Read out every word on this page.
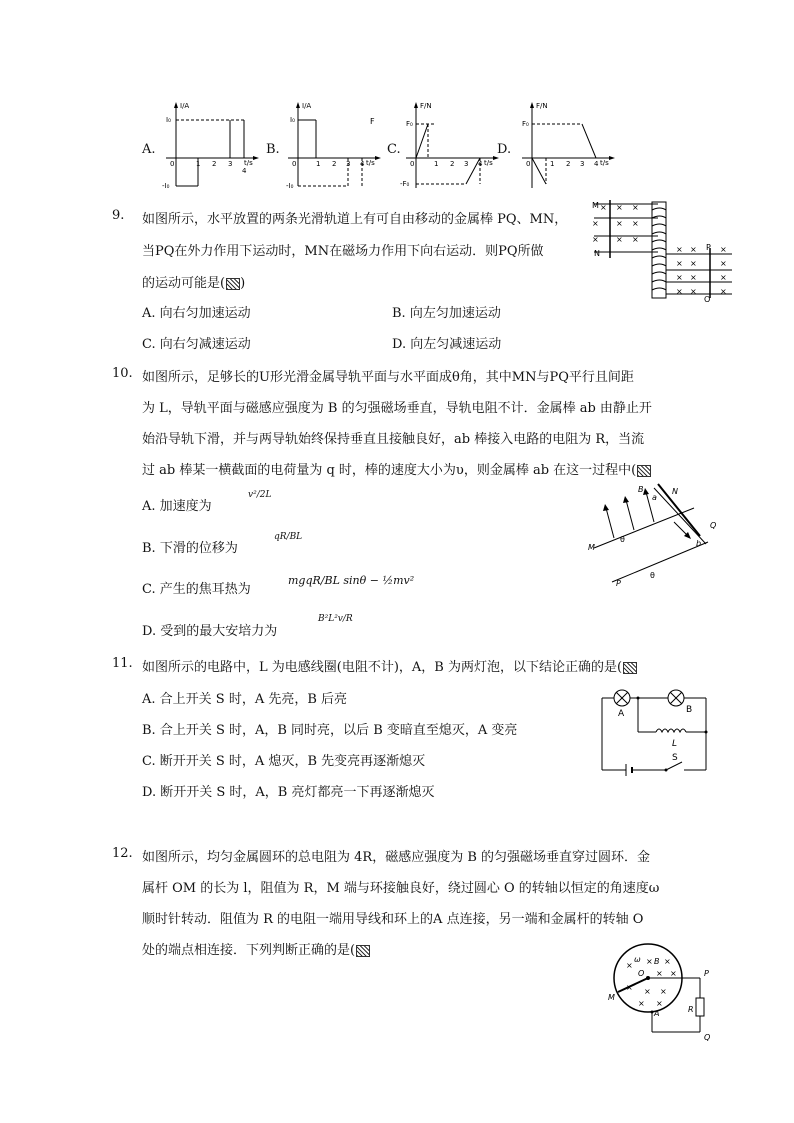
A.	B.	C.	D.
I/A
t/s
I₀
-I₀
0	1 2 3
4
I/A
t/s
I₀
-I₀
F
0	1 2 3 4
F/N
t/s
F₀
-F₀
0	1 2 3 4
F/N
t/s
F₀
0	1 2 3 4
9. 如图所示，水平放置的两条光滑轨道上有可自由移动的金属棒 PQ、MN，
当PQ在外力作用下运动时，MN在磁场力作用下向右运动．则PQ所做
的运动可能是( )
A. 向右匀加速运动	B. 向左匀加速运动
C. 向右匀减速运动	D. 向左匀减速运动
M
N
× × ×
× × ×
× × ×
P
Q
× ×	×
× ×	×
× ×	×
× ×	×
10. 如图所示，足够长的U形光滑金属导轨平面与水平面成θ角，其中MN与PQ平行且间距
为 L，导轨平面与磁感应强度为 B 的匀强磁场垂直，导轨电阻不计．金属棒 ab 由静止开
始沿导轨下滑，并与两导轨始终保持垂直且接触良好，ab 棒接入电路的电阻为 R，当流
过 ab 棒某一横截面的电荷量为 q 时，棒的速度大小为υ，则金属棒 ab 在这一过程中(
A. 加速度为
v²/2L
B. 下滑的位移为
qR/BL
C. 产生的焦耳热为
mgqR/BL sinθ − ½mv²
D. 受到的最大安培力为
B²L²v/R
B
a
N
Q
M	b
P
θ
θ
11. 如图所示的电路中，L 为电感线圈(电阻不计)，A，B 为两灯泡，以下结论正确的是(
A. 合上开关 S 时，A 先亮，B 后亮
B. 合上开关 S 时，A，B 同时亮，以后 B 变暗直至熄灭，A 变亮
C. 断开开关 S 时，A 熄灭，B 先变亮再逐渐熄灭
D. 断开开关 S 时，A，B 亮灯都亮一下再逐渐熄灭
A	B
L
S
12. 如图所示，均匀金属圆环的总电阻为 4R，磁感应强度为 B 的匀强磁场垂直穿过圆环．金
属杆 OM 的长为 l，阻值为 R，M 端与环接触良好，绕过圆心 O 的转轴以恒定的角速度ω
顺时针转动．阻值为 R 的电阻一端用导线和环上的A 点连接，另一端和金属杆的转轴 O
处的端点相连接．下列判断正确的是(
×
ω × B ×
O × ×
× × ×
× ×
M
A
P
R
Q
